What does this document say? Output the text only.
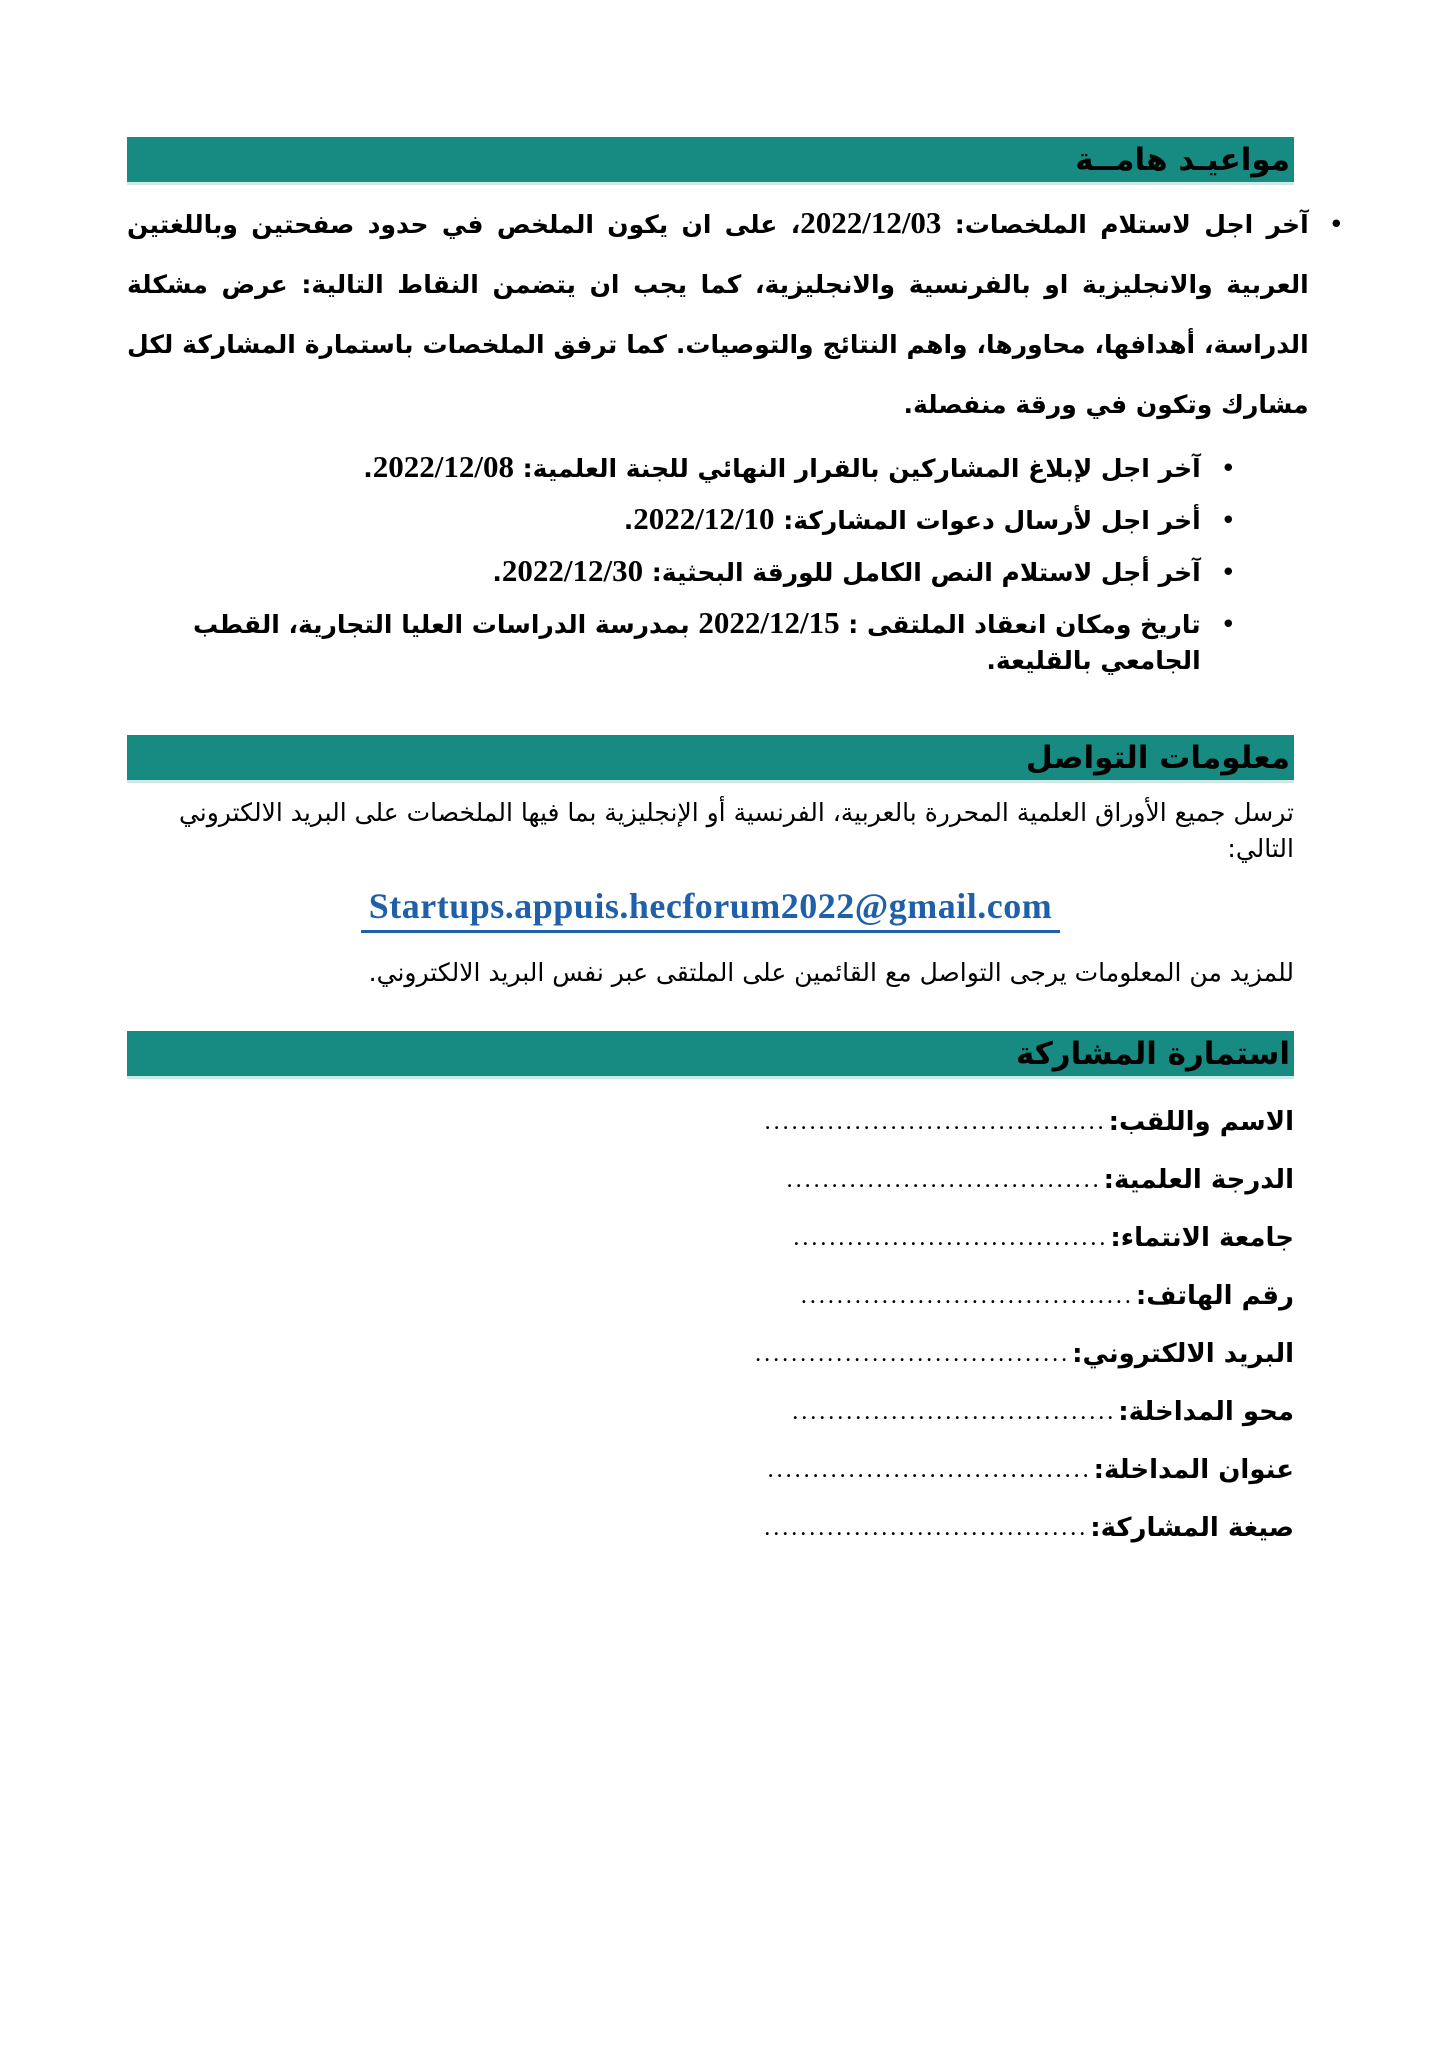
مواعيـد هامــة
•

آخر اجل لاستلام الملخصات: 2022/12/03، على ان يكون الملخص في حدود صفحتين وباللغتين العربية والانجليزية او بالفرنسية والانجليزية، كما يجب ان يتضمن النقاط التالية: عرض مشكلة الدراسة، أهدافها، محاورها، واهم النتائج والتوصيات. كما ترفق الملخصات باستمارة المشاركة لكل مشارك وتكون في ورقة منفصلة.

•

آخر اجل لإبلاغ المشاركين بالقرار النهائي للجنة العلمية: 2022/12/08.

•

أخر اجل لأرسال دعوات المشاركة: 2022/12/10.

•

آخر أجل لاستلام النص الكامل للورقة البحثية: 2022/12/30.

•

تاريخ ومكان انعقاد الملتقى : 2022/12/15 بمدرسة الدراسات العليا التجارية، القطب الجامعي بالقليعة.

معلومات التواصل

ترسل جميع الأوراق العلمية المحررة بالعربية، الفرنسية أو الإنجليزية بما فيها الملخصات على البريد الالكتروني التالي:

Startups.appuis.hecforum2022@gmail.com

للمزيد من المعلومات يرجى التواصل مع القائمين على الملتقى عبر نفس البريد الالكتروني.

استمارة المشاركة
الاسم واللقب:
......................................
الدرجة العلمية:
...................................
جامعة الانتماء:
...................................
رقم الهاتف:
.....................................
البريد الالكتروني:
...................................
محو المداخلة:
....................................
عنوان المداخلة:
....................................
صيغة المشاركة:
....................................
